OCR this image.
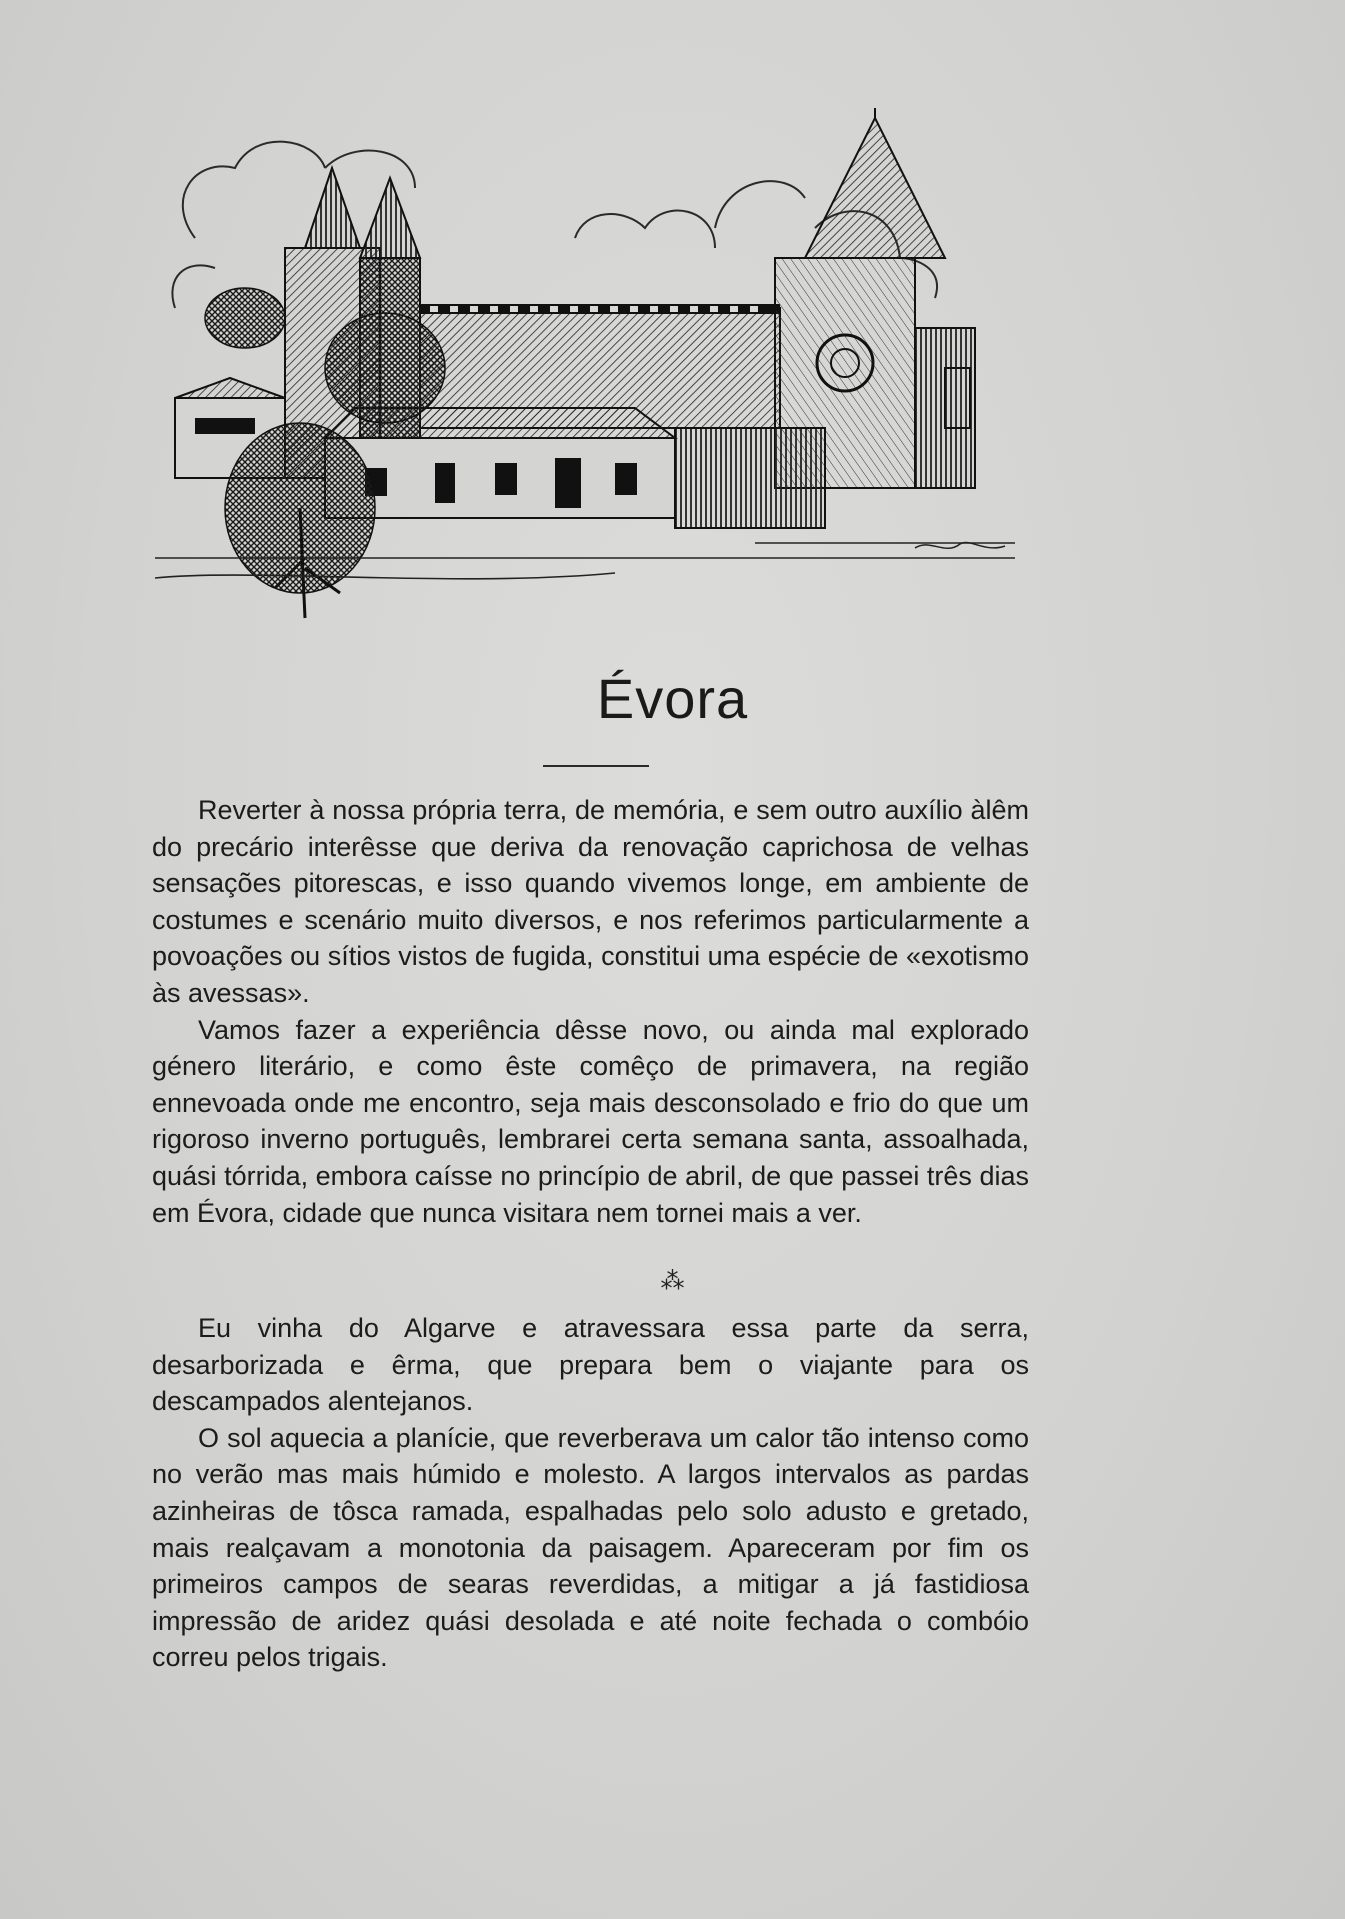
Évora

Reverter à nossa própria terra, de memória, e sem outro auxílio àlêm do precário interêsse que deriva da renovação caprichosa de velhas sensações pitorescas, e isso quando vivemos longe, em ambiente de costumes e scenário muito diversos, e nos referimos particularmente a povoações ou sítios vistos de fugida, constitui uma espécie de «exotismo às avessas».

Vamos fazer a experiência dêsse novo, ou ainda mal explorado género literário, e como êste comêço de primavera, na região ennevoada onde me encontro, seja mais desconsolado e frio do que um rigoroso inverno português, lembrarei certa semana santa, assoalhada, quási tórrida, embora caísse no princípio de abril, de que passei três dias em Évora, cidade que nunca visitara nem tornei mais a ver.

⁂

Eu vinha do Algarve e atravessara essa parte da serra, desarborizada e êrma, que prepara bem o viajante para os descampados alentejanos.

O sol aquecia a planície, que reverberava um calor tão intenso como no verão mas mais húmido e molesto. A largos intervalos as pardas azinheiras de tôsca ramada, espalhadas pelo solo adusto e gretado, mais realçavam a monotonia da paisagem. Apareceram por fim os primeiros campos de searas reverdidas, a mitigar a já fastidiosa impressão de aridez quási desolada e até noite fechada o combóio correu pelos trigais.
